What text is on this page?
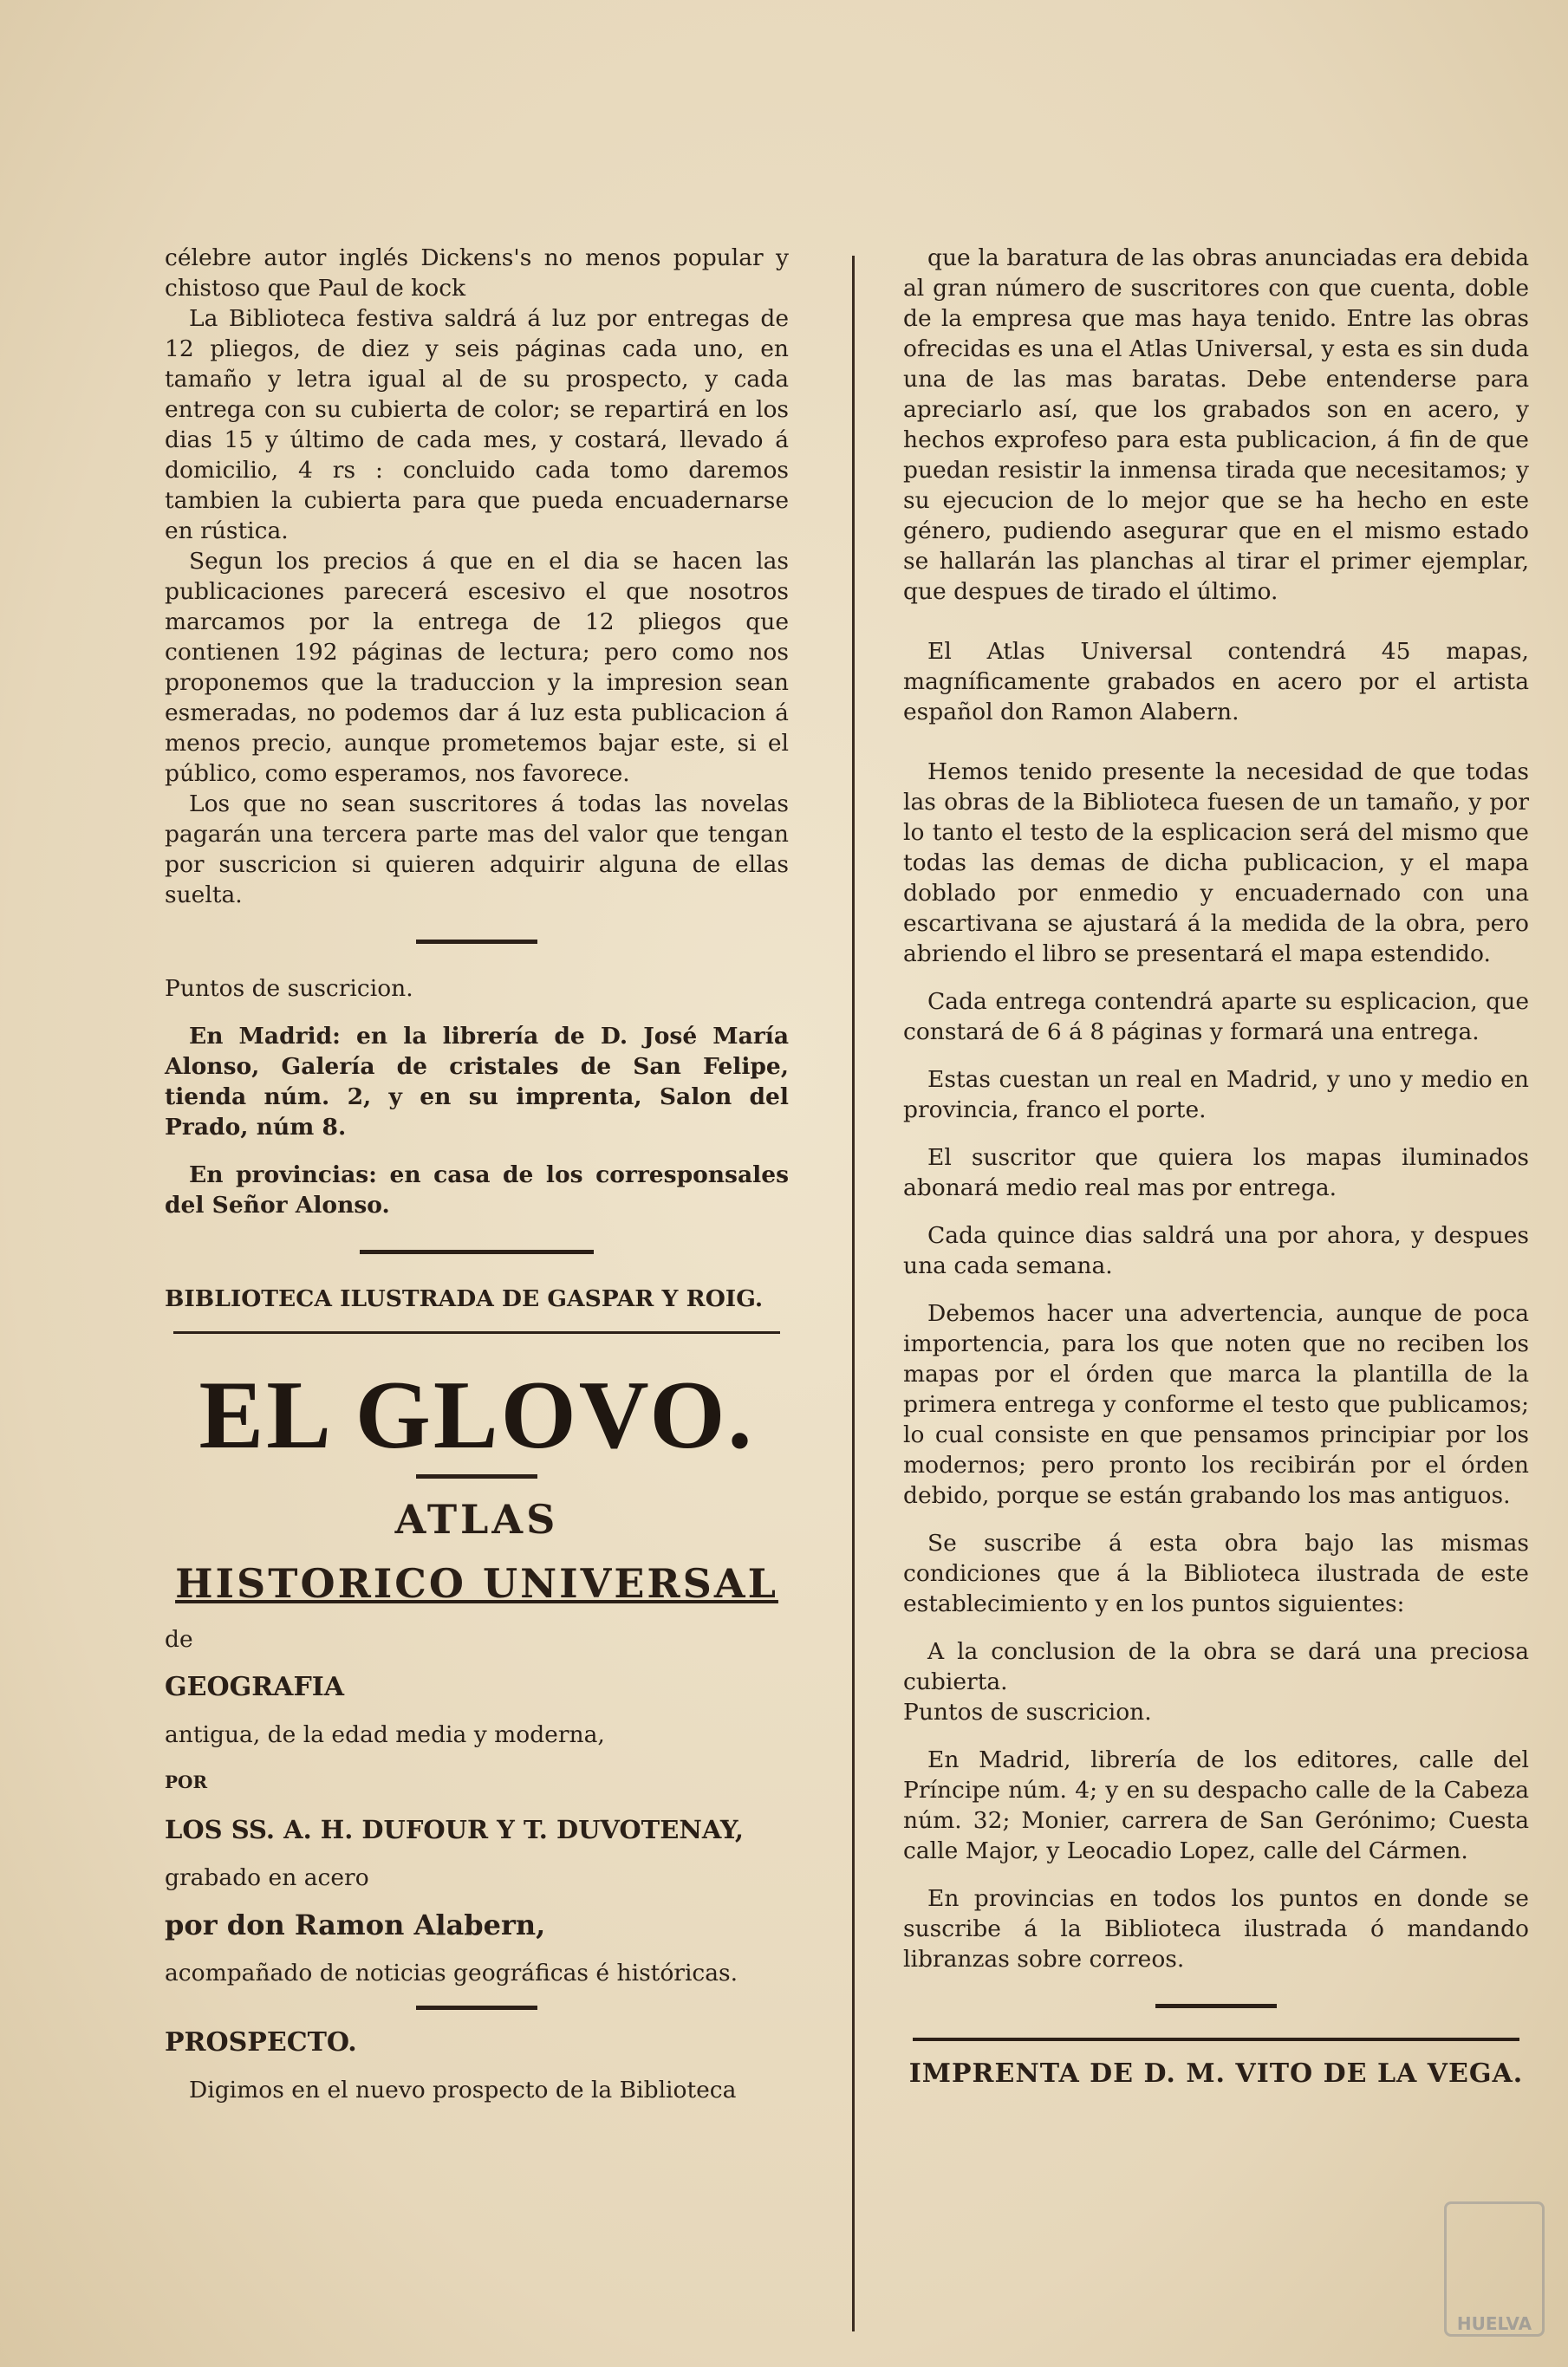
célebre autor inglés Dickens's no menos popular y chistoso que Paul de kock

La Biblioteca festiva saldrá á luz por entregas de 12 pliegos, de diez y seis páginas cada uno, en tamaño y letra igual al de su prospecto, y cada entrega con su cubierta de color; se repartirá en los dias 15 y último de cada mes, y costará, llevado á domicilio, 4 rs : concluido cada tomo daremos tambien la cubierta para que pueda encuadernarse en rústica.

Segun los precios á que en el dia se hacen las publicaciones parecerá escesivo el que nosotros marcamos por la entrega de 12 pliegos que contienen 192 páginas de lectura; pero como nos proponemos que la traduccion y la impresion sean esmeradas, no podemos dar á luz esta publicacion á menos precio, aunque prometemos bajar este, si el público, como esperamos, nos favorece.

Los que no sean suscritores á todas las novelas pagarán una tercera parte mas del valor que tengan por suscricion si quieren adquirir alguna de ellas suelta.

Puntos de suscricion.

En Madrid: en la librería de D. José María Alonso, Galería de cristales de San Felipe, tienda núm. 2, y en su imprenta, Salon del Prado, núm 8.

En provincias: en casa de los corresponsales del Señor Alonso.

BIBLIOTECA ILUSTRADA DE GASPAR Y ROIG.

EL GLOVO.
ATLAS
HISTORICO UNIVERSAL

de

GEOGRAFIA

antigua, de la edad media y moderna,

POR

LOS SS. A. H. DUFOUR Y T. DUVOTENAY,

grabado en acero

por don Ramon Alabern,

acompañado de noticias geográficas é históricas.

PROSPECTO.

Digimos en el nuevo prospecto de la Biblioteca

que la baratura de las obras anunciadas era debida al gran número de suscritores con que cuenta, doble de la empresa que mas haya tenido. Entre las obras ofrecidas es una el Atlas Universal, y esta es sin duda una de las mas baratas. Debe entenderse para apreciarlo así, que los grabados son en acero, y hechos exprofeso para esta publicacion, á fin de que puedan resistir la inmensa tirada que necesitamos; y su ejecucion de lo mejor que se ha hecho en este género, pudiendo asegurar que en el mismo estado se hallarán las planchas al tirar el primer ejemplar, que despues de tirado el último.

El Atlas Universal contendrá 45 mapas, magníficamente grabados en acero por el artista español don Ramon Alabern.

Hemos tenido presente la necesidad de que todas las obras de la Biblioteca fuesen de un tamaño, y por lo tanto el testo de la esplicacion será del mismo que todas las demas de dicha publicacion, y el mapa doblado por enmedio y encuadernado con una escartivana se ajustará á la medida de la obra, pero abriendo el libro se presentará el mapa estendido.

Cada entrega contendrá aparte su esplicacion, que constará de 6 á 8 páginas y formará una entrega.

Estas cuestan un real en Madrid, y uno y medio en provincia, franco el porte.

El suscritor que quiera los mapas iluminados abonará medio real mas por entrega.

Cada quince dias saldrá una por ahora, y despues una cada semana.

Debemos hacer una advertencia, aunque de poca importencia, para los que noten que no reciben los mapas por el órden que marca la plantilla de la primera entrega y conforme el testo que publicamos; lo cual consiste en que pensamos principiar por los modernos; pero pronto los recibirán por el órden debido, porque se están grabando los mas antiguos.

Se suscribe á esta obra bajo las mismas condiciones que á la Biblioteca ilustrada de este establecimiento y en los puntos siguientes:

A la conclusion de la obra se dará una preciosa cubierta.

Puntos de suscricion.

En Madrid, librería de los editores, calle del Príncipe núm. 4; y en su despacho calle de la Cabeza núm. 32; Monier, carrera de San Gerónimo; Cuesta calle Major, y Leocadio Lopez, calle del Cármen.

En provincias en todos los puntos en donde se suscribe á la Biblioteca ilustrada ó mandando libranzas sobre correos.

IMPRENTA DE D. M. VITO DE LA VEGA.
HUELVA
